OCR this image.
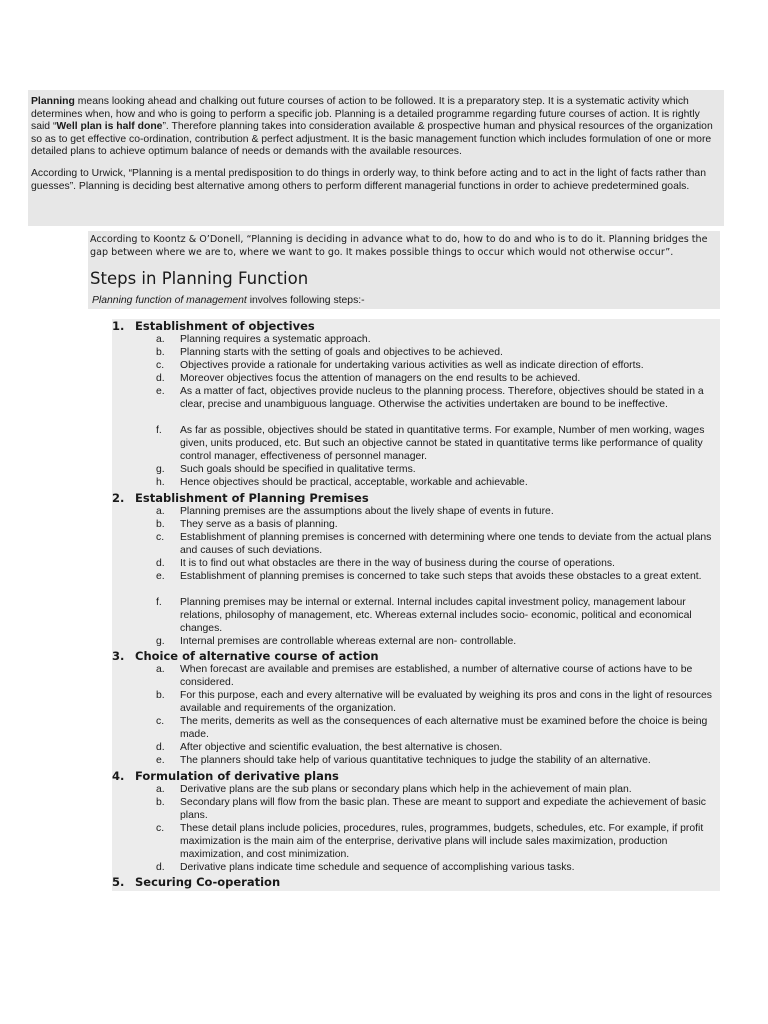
Planning means looking ahead and chalking out future courses of action to be followed. It is a preparatory step. It is a systematic activity which determines when, how and who is going to perform a specific job. Planning is a detailed programme regarding future courses of action. It is rightly said “Well plan is half done”. Therefore planning takes into consideration available & prospective human and physical resources of the organization so as to get effective co-ordination, contribution & perfect adjustment. It is the basic management function which includes formulation of one or more detailed plans to achieve optimum balance of needs or demands with the available resources.

According to Urwick, “Planning is a mental predisposition to do things in orderly way, to think before acting and to act in the light of facts rather than guesses”. Planning is deciding best alternative among others to perform different managerial functions in order to achieve predetermined goals.

According to Koontz & O’Donell, “Planning is deciding in advance what to do, how to do and who is to do it. Planning bridges the gap between where we are to, where we want to go. It makes possible things to occur which would not otherwise occur”.

Steps in Planning Function

Planning function of management involves following steps:-

1. Establishment of objectives
a. Planning requires a systematic approach.
b. Planning starts with the setting of goals and objectives to be achieved.
c. Objectives provide a rationale for undertaking various activities as well as indicate direction of efforts.
d. Moreover objectives focus the attention of managers on the end results to be achieved.
e. As a matter of fact, objectives provide nucleus to the planning process. Therefore, objectives should be stated in a clear, precise and unambiguous language. Otherwise the activities undertaken are bound to be ineffective.
f. As far as possible, objectives should be stated in quantitative terms. For example, Number of men working, wages given, units produced, etc. But such an objective cannot be stated in quantitative terms like performance of quality control manager, effectiveness of personnel manager.
g. Such goals should be specified in qualitative terms.
h. Hence objectives should be practical, acceptable, workable and achievable.
2. Establishment of Planning Premises
a. Planning premises are the assumptions about the lively shape of events in future.
b. They serve as a basis of planning.
c. Establishment of planning premises is concerned with determining where one tends to deviate from the actual plans and causes of such deviations.
d. It is to find out what obstacles are there in the way of business during the course of operations.
e. Establishment of planning premises is concerned to take such steps that avoids these obstacles to a great extent.
f. Planning premises may be internal or external. Internal includes capital investment policy, management labour relations, philosophy of management, etc. Whereas external includes socio- economic, political and economical changes.
g. Internal premises are controllable whereas external are non- controllable.
3. Choice of alternative course of action
a. When forecast are available and premises are established, a number of alternative course of actions have to be considered.
b. For this purpose, each and every alternative will be evaluated by weighing its pros and cons in the light of resources available and requirements of the organization.
c. The merits, demerits as well as the consequences of each alternative must be examined before the choice is being made.
d. After objective and scientific evaluation, the best alternative is chosen.
e. The planners should take help of various quantitative techniques to judge the stability of an alternative.
4. Formulation of derivative plans
a. Derivative plans are the sub plans or secondary plans which help in the achievement of main plan.
b. Secondary plans will flow from the basic plan. These are meant to support and expediate the achievement of basic plans.
c. These detail plans include policies, procedures, rules, programmes, budgets, schedules, etc. For example, if profit maximization is the main aim of the enterprise, derivative plans will include sales maximization, production maximization, and cost minimization.
d. Derivative plans indicate time schedule and sequence of accomplishing various tasks.
5. Securing Co-operation
